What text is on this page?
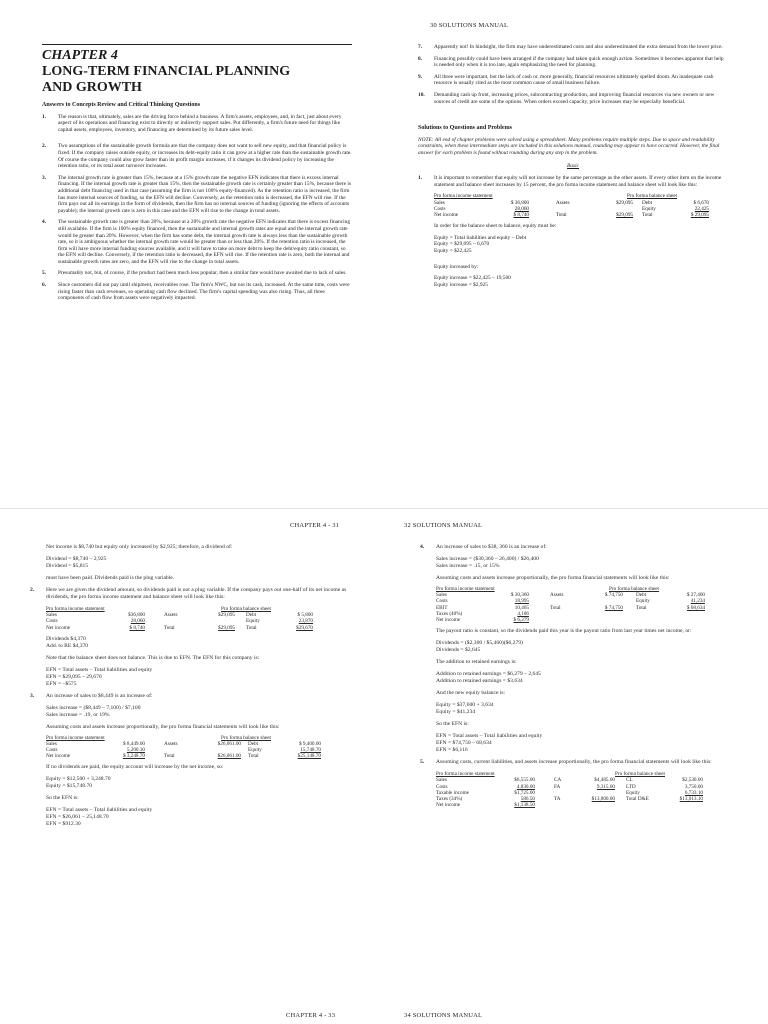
30 SOLUTIONS MANUAL
CHAPTER 4
LONG-TERM FINANCIAL PLANNING
AND GROWTH
Answers to Concepts Review and Critical Thinking Questions
1.	The reason is that, ultimately, sales are the driving force behind a business. A firm's assets, employees, and, in fact, just about every aspect of its operations and financing exist to directly or indirectly support sales. Put differently, a firm's future need for things like capital assets, employees, inventory, and financing are determined by its future sales level.
2.	Two assumptions of the sustainable growth formula are that the company does not want to sell new equity, and that financial policy is fixed. If the company raises outside equity, or increases its debt-equity ratio it can grow at a higher rate than the sustainable growth rate. Of course the company could also grow faster than its profit margin increases, if it changes its dividend policy by increasing the retention ratio, or its total asset turnover increases.
3.	The internal growth rate is greater than 15%, because at a 15% growth rate the negative EFN indicates that there is excess internal financing. If the internal growth rate is greater than 15%, then the sustainable growth rate is certainly greater than 15%, because there is additional debt financing used in that case (assuming the firm is not 100% equity-financed). As the retention ratio is increased, the firm has more internal sources of funding, so the EFN will decline. Conversely, as the retention ratio is decreased, the EFN will rise. If the firm pays out all its earnings in the form of dividends, then the firm has no internal sources of funding (ignoring the effects of accounts payable); the internal growth rate is zero in this case and the EFN will rise to the change in total assets.
4.	The sustainable growth rate is greater than 20%, because at a 20% growth rate the negative EFN indicates that there is excess financing still available. If the firm is 100% equity financed, then the sustainable and internal growth rates are equal and the internal growth rate would be greater than 20%. However, when the firm has some debt, the internal growth rate is always less than the sustainable growth rate, so it is ambiguous whether the internal growth rate would be greater than or less than 20%. If the retention ratio is increased, the firm will have more internal funding sources available, and it will have to take on more debt to keep the debt/equity ratio constant, so the EFN will decline. Conversely, if the retention ratio is decreased, the EFN will rise. If the retention rate is zero, both the internal and sustainable growth rates are zero, and the EFN will rise to the change in total assets.
5.	Presumably not, but, of course, if the product had been much less popular, then a similar fate would have awaited due to lack of sales.
6.	Since customers did not pay until shipment, receivables rose. The firm's NWC, but not its cash, increased. At the same time, costs were rising faster than cash revenues, so operating cash flow declined. The firm's capital spending was also rising. Thus, all three components of cash flow from assets were negatively impacted.
7.	Apparently not! In hindsight, the firm may have underestimated costs and also underestimated the extra demand from the lower price.
8.	Financing possibly could have been arranged if the company had taken quick enough action. Sometimes it becomes apparent that help is needed only when it is too late, again emphasizing the need for planning.
9.	All three were important, but the lack of cash or, more generally, financial resources ultimately spelled doom. An inadequate cash resource is usually cited as the most common cause of small business failure.
10.	Demanding cash up front, increasing prices, subcontracting production, and improving financial resources via new owners or new sources of credit are some of the options. When orders exceed capacity, price increases may be especially beneficial.
Solutions to Questions and Problems
NOTE: All end of chapter problems were solved using a spreadsheet. Many problems require multiple steps. Due to space and readability constraints, when these intermediate steps are included in this solutions manual, rounding may appear to have occurred. However, the final answer for each problem is found without rounding during any step in the problem.
Basic
1.	It is important to remember that equity will not increase by the same percentage as the other assets. If every other item on the income statement and balance sheet increases by 15 percent, the pro forma income statement and balance sheet will look like this:
Pro forma income statement			Pro forma balance sheet		
Sales	$ 36,800	Assets	$29,095	Debt	$ 6,670
Costs	28,060			Equity	22,425
Net income	$ 8,740	Total	$29,095	Total	$ 29,095
In order for the balance sheet to balance, equity must be:
Equity = Total liabilities and equity – Debt
Equity = $29,095 – 6,670
Equity = $22,425
Equity increased by:
Equity increase = $22,425 – 19,500
Equity increase = $2,925
CHAPTER 4 - 31
Net income is $8,740 but equity only increased by $2,925; therefore, a dividend of:
Dividend = $8,740 – 2,925
Dividend = $5,815
must have been paid. Dividends paid is the plug variable.
2.	Here we are given the dividend amount, so dividends paid is not a plug variable. If the company pays out one-half of its net income as dividends, the pro forma income statement and balance sheet will look like this:
Pro forma income statement			Pro forma balance sheet		
Sales	$36,800	Assets	$29,095	Debt	$ 5,800
Costs	28,060			Equity	23,870
Net income	$ 8,740	Total	$29,095	Total	$29,670
Dividends $4,370
Add. to RE $4,370
Note that the balance sheet does not balance. This is due to EFN. The EFN for this company is:
EFN = Total assets – Total liabilities and equity
EFN = $29,095 – 29,670
EFN = –$575
3.	An increase of sales to $8,449 is an increase of:
Sales increase = ($8,449 – 7,100) / $7,100
Sales increase = .19, or 19%
Assuming costs and assets increase proportionally, the pro forma financial statements will look like this:
Pro forma income statement			Pro forma balance sheet		
Sales	$ 8,449.00	Assets	$26,061.00	Debt	$ 9,400.00
Costs	5,200.30			Equity	15,748.70
Net income	$ 3,248.70	Total	$26,061.00	Total	$25,148.70
If no dividends are paid, the equity account will increase by the net income, so:
Equity = $12,500 + 3,248.70
Equity = $15,748.70
So the EFN is:
EFN = Total assets – Total liabilities and equity
EFN = $26,061 – 25,148.70
EFN = $912.30
CHAPTER 4 - 33
32 SOLUTIONS MANUAL
4.	An increase of sales to $38, 360 is an increase of:
Sales increase = ($30,360 – 26,400) / $26,400
Sales increase = .15, or 15%
Assuming costs and assets increase proportionally, the pro forma financial statements will look like this:
Pro forma income statement			Pro forma balance sheet		
Sales	$ 30,360	Assets	$ 74,750	Debt	$ 27,400
Costs	18,995			Equity	41,234
EBIT	10,465	Total	$ 74,750	Total	$ 68,634
Taxes (40%)	4,186				
Net income	$ 6,279				
The payout ratio is constant, so the dividends paid this year is the payout ratio from last year times net income, or:
Dividends = ($2,300 / $5,460)($6,279)
Dividends = $2,645
The addition to retained earnings is:
Addition to retained earnings = $6,279 – 2,645
Addition to retained earnings = $3,634
And the new equity balance is:
Equity = $37,600 + 3,634
Equity = $41,234
So the EFN is:
EFN = Total assets – Total liabilities and equity
EFN = $74,750 – 68,634
EFN = $6,116
5.	Assuming costs, current liabilities, and assets increase proportionally, the pro forma financial statements will look like this:
Pro forma income statement			Pro forma balance sheet		
Sales	$6,555.00	CA	$4,485.00	CL	$2,530.00
Costs	4,830.00	FA	9,315.00	LTD	3,750.00
Taxable income	$1,725.00			Equity	6,733.10
Taxes (34%)	586.50	TA	$13,800.00	Total D&E	$13,013.10
Net income	$1,138.50				
34 SOLUTIONS MANUAL
